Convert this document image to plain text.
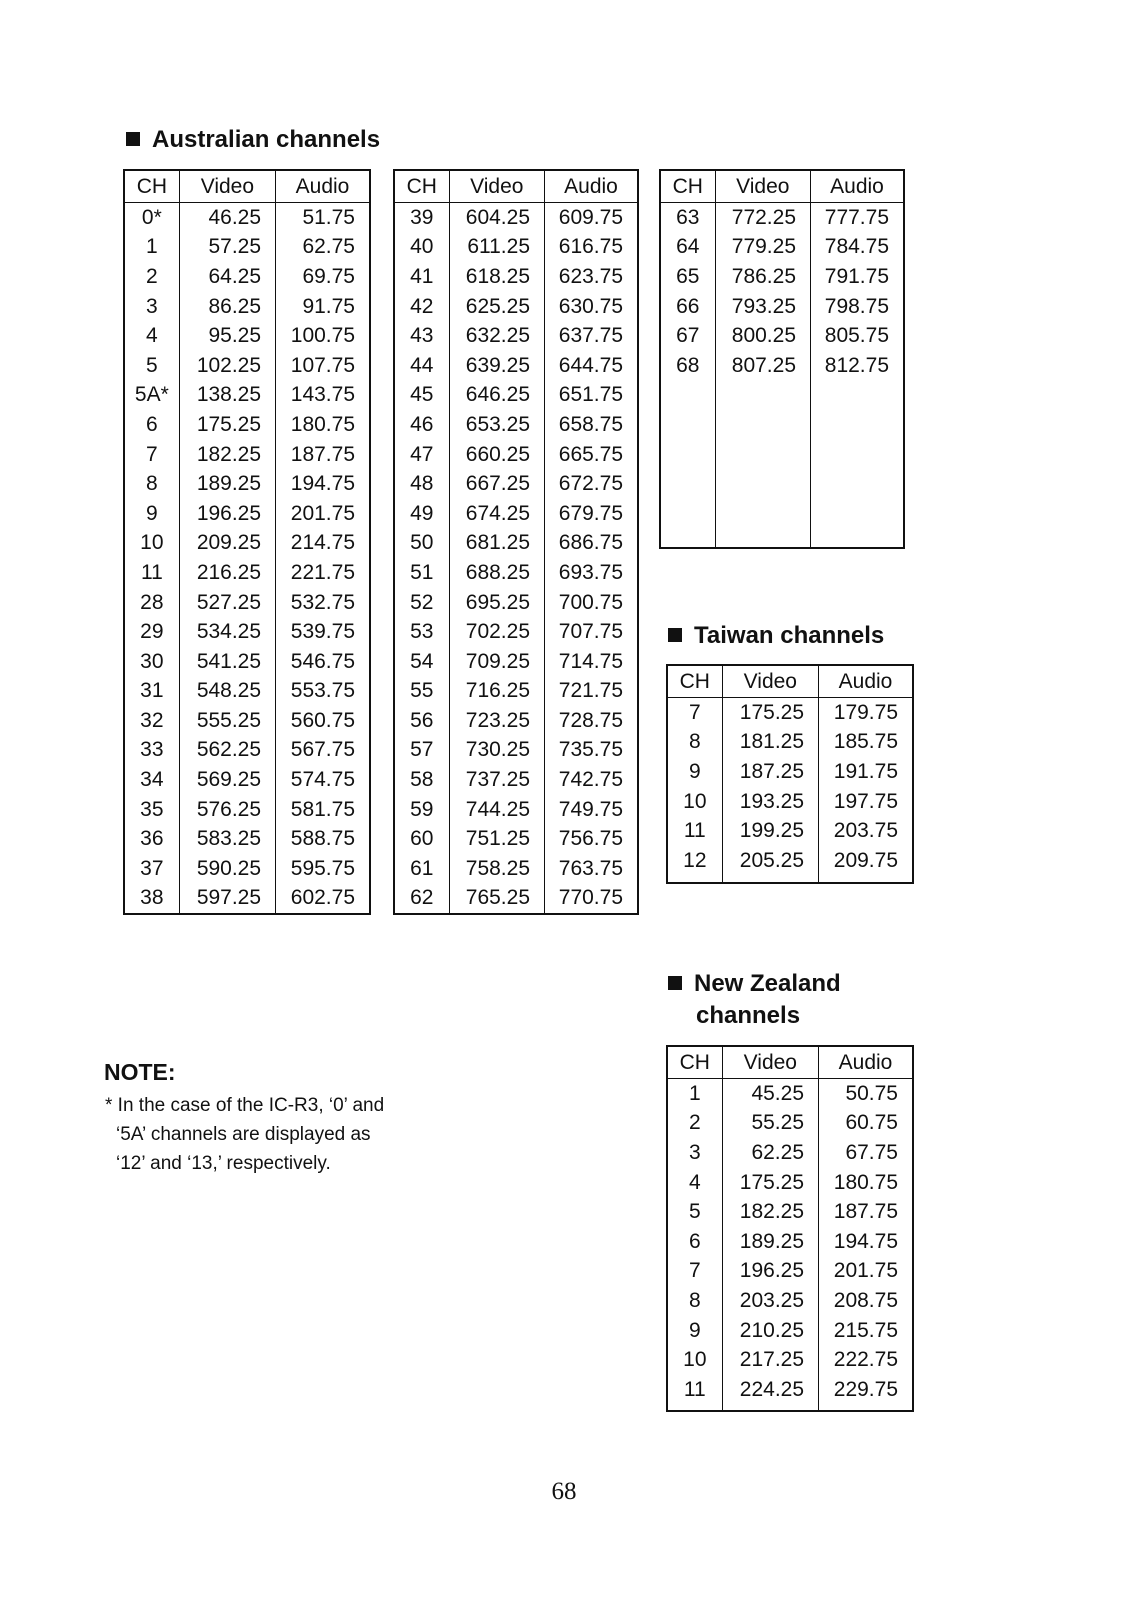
Australian channels
CH	Video	Audio
0*	46.25	51.75
1	57.25	62.75
2	64.25	69.75
3	86.25	91.75
4	95.25	100.75
5	102.25	107.75
5A*	138.25	143.75
6	175.25	180.75
7	182.25	187.75
8	189.25	194.75
9	196.25	201.75
10	209.25	214.75
11	216.25	221.75
28	527.25	532.75
29	534.25	539.75
30	541.25	546.75
31	548.25	553.75
32	555.25	560.75
33	562.25	567.75
34	569.25	574.75
35	576.25	581.75
36	583.25	588.75
37	590.25	595.75
38	597.25	602.75

CH	Video	Audio
39	604.25	609.75
40	611.25	616.75
41	618.25	623.75
42	625.25	630.75
43	632.25	637.75
44	639.25	644.75
45	646.25	651.75
46	653.25	658.75
47	660.25	665.75
48	667.25	672.75
49	674.25	679.75
50	681.25	686.75
51	688.25	693.75
52	695.25	700.75
53	702.25	707.75
54	709.25	714.75
55	716.25	721.75
56	723.25	728.75
57	730.25	735.75
58	737.25	742.75
59	744.25	749.75
60	751.25	756.75
61	758.25	763.75
62	765.25	770.75

CH	Video	Audio
63	772.25	777.75
64	779.25	784.75
65	786.25	791.75
66	793.25	798.75
67	800.25	805.75
68	807.25	812.75

Taiwan channels
CH	Video	Audio
7	175.25	179.75
8	181.25	185.75
9	187.25	191.75
10	193.25	197.75
11	199.25	203.75
12	205.25	209.75

New Zealand
channels
CH	Video	Audio
1	45.25	50.75
2	55.25	60.75
3	62.25	67.75
4	175.25	180.75
5	182.25	187.75
6	189.25	194.75
7	196.25	201.75
8	203.25	208.75
9	210.25	215.75
10	217.25	222.75
11	224.25	229.75

NOTE:
* In the case of the IC-R3, ‘0’ and ‘5A’ channels are displayed as ‘12’ and ‘13,’ respectively.
68
